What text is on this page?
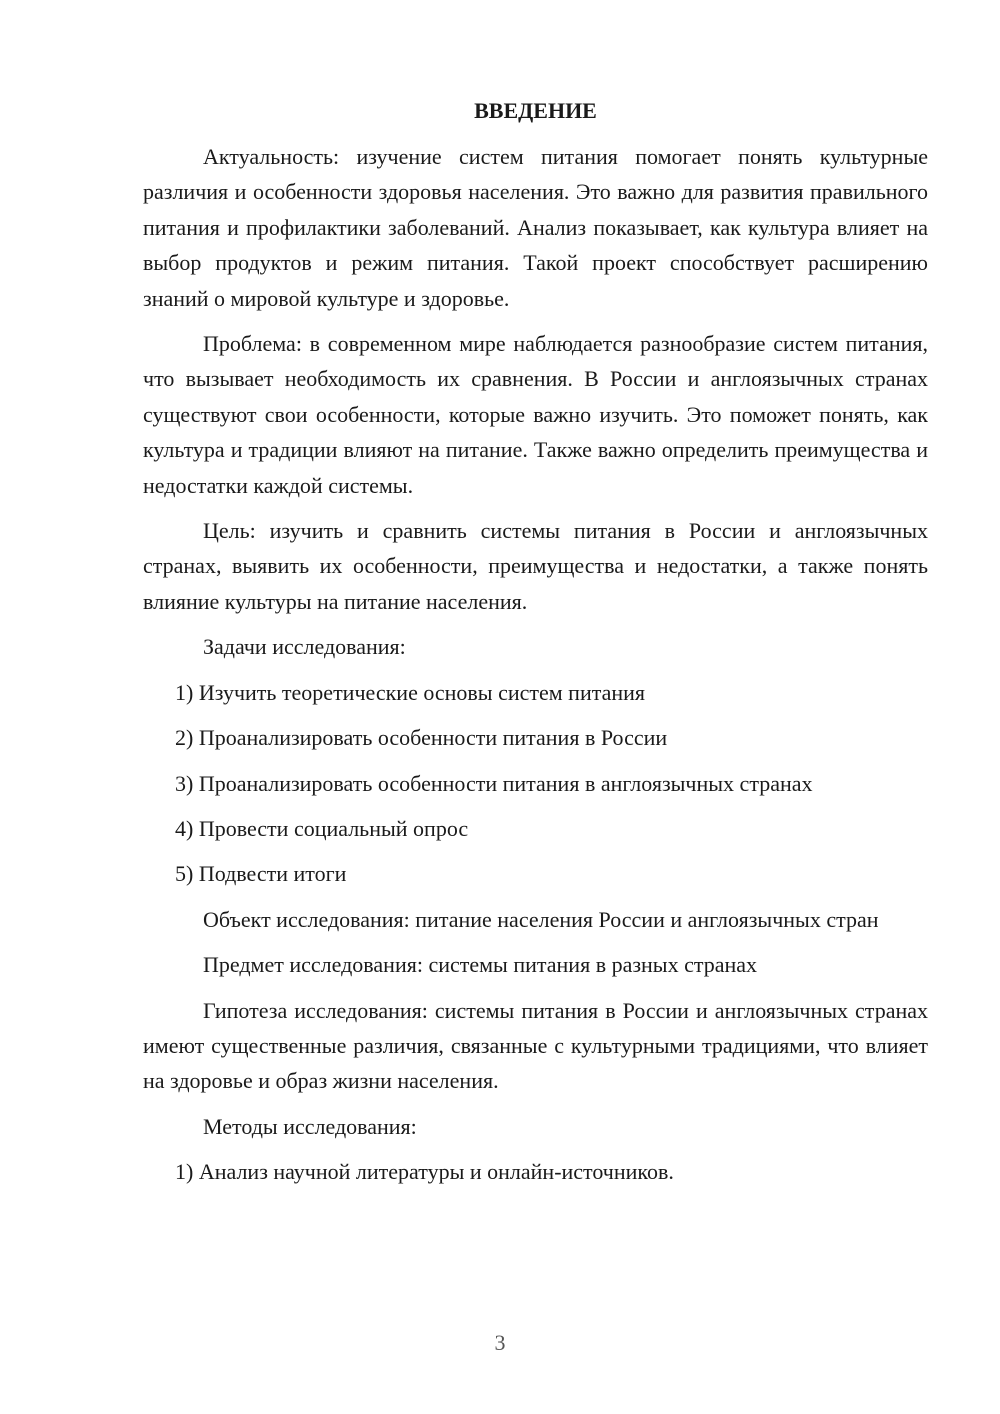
ВВЕДЕНИЕ

Актуальность: изучение систем питания помогает понять культурные различия и особенности здоровья населения. Это важно для развития правильного питания и профилактики заболеваний. Анализ показывает, как культура влияет на выбор продуктов и режим питания. Такой проект способствует расширению знаний о мировой культуре и здоровье.

Проблема: в современном мире наблюдается разнообразие систем питания, что вызывает необходимость их сравнения. В России и англоязычных странах существуют свои особенности, которые важно изучить. Это поможет понять, как культура и традиции влияют на питание. Также важно определить преимущества и недостатки каждой системы.

Цель: изучить и сравнить системы питания в России и англоязычных странах, выявить их особенности, преимущества и недостатки, а также понять влияние культуры на питание населения.

Задачи исследования:

1) Изучить теоретические основы систем питания

2) Проанализировать особенности питания в России

3) Проанализировать особенности питания в англоязычных странах

4) Провести социальный опрос

5) Подвести итоги

Объект исследования: питание населения России и англоязычных стран

Предмет исследования: системы питания в разных странах

Гипотеза исследования: системы питания в России и англоязычных странах имеют существенные различия, связанные с культурными традициями, что влияет на здоровье и образ жизни населения.

Методы исследования:

1) Анализ научной литературы и онлайн-источников.

3
